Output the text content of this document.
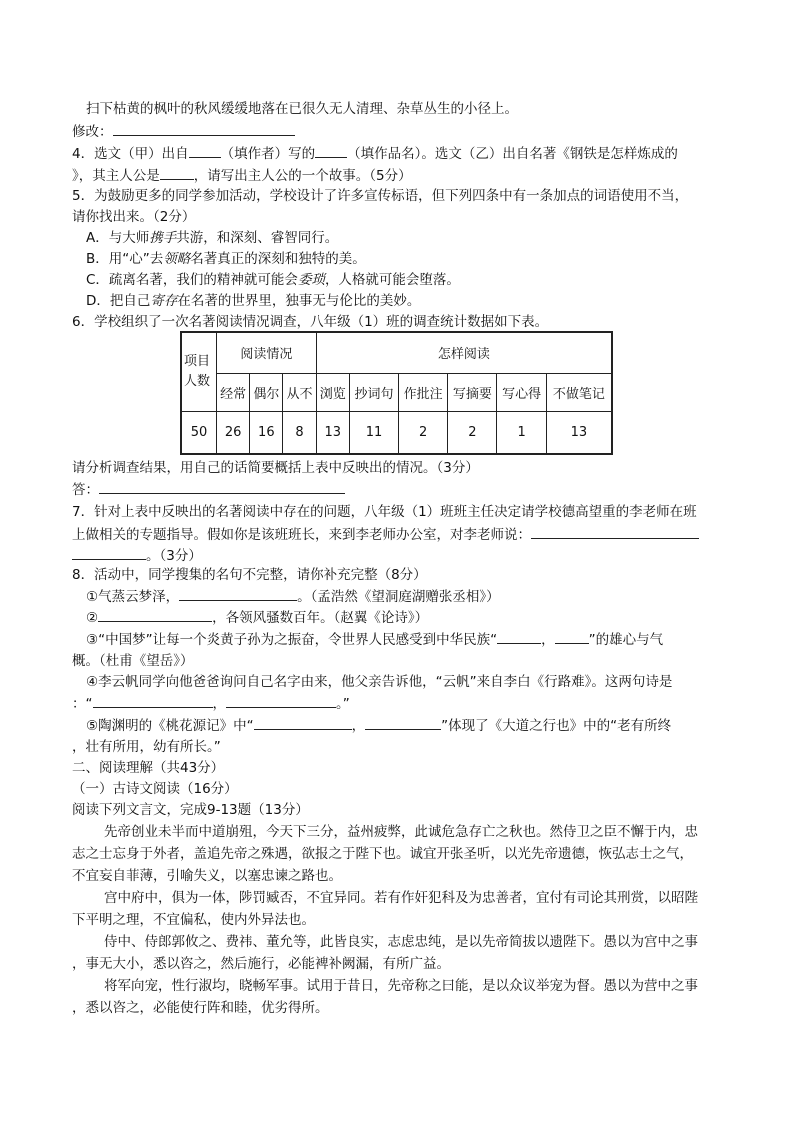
扫下枯黄的枫叶的秋风缓缓地落在已很久无人清理、杂草丛生的小径上。
修改：
4．选文（甲）出自 （填作者）写的 （填作品名）。选文（乙）出自名著《钢铁是怎样炼成的
》，其主人公是	，请写出主人公的一个故事。（5分）
5．为鼓励更多的同学参加活动，学校设计了许多宣传标语，但下列四条中有一条加点的词语使用不当，
请你找出来。（2分）
A．与大师携手共游，和深刻、睿智同行。
B．用“心”去领略名著真正的深刻和独特的美。
C．疏离名著，我们的精神就可能会委琐，人格就可能会堕落。
D．把自己寄存在名著的世界里，独事无与伦比的美妙。
6．学校组织了一次名著阅读情况调查，八年级（1）班的调查统计数据如下表。
项目
人数	阅读情况			怎样阅读					
	经常	偶尔	从不	浏览	抄词句	作批注	写摘要	写心得	不做笔记
50	26	16	8	13	11	2	2	1	13
请分析调查结果，用自己的话简要概括上表中反映出的情况。（3分）
答：
7．针对上表中反映出的名著阅读中存在的问题，八年级（1）班班主任决定请学校德高望重的李老师在班
上做相关的专题指导。假如你是该班班长，来到李老师办公室，对李老师说：
。（3分）
8．活动中，同学搜集的名句不完整，请你补充完整（8分）
①气蒸云梦泽，	。（孟浩然《望洞庭湖赠张丞相》）
②	，各领风骚数百年。（赵翼《论诗》）
③“中国梦”让每一个炎黄子孙为之振奋，令世界人民感受到中华民族“	，	”的雄心与气
概。（杜甫《望岳》）
④李云帆同学向他爸爸询问自己名字由来，他父亲告诉他，“云帆”来自李白《行路难》。这两句诗是
：“	，	。”
⑤陶渊明的《桃花源记》中“	，	”体现了《大道之行也》中的“老有所终
，壮有所用，幼有所长。”
二、阅读理解（共43分）
（一）古诗文阅读（16分）
阅读下列文言文，完成9-13题（13分）
先帝创业未半而中道崩殂，今天下三分，益州疲弊，此诚危急存亡之秋也。然侍卫之臣不懈于内，忠
志之士忘身于外者，盖追先帝之殊遇，欲报之于陛下也。诚宜开张圣听，以光先帝遗德，恢弘志士之气，
不宜妄自菲薄，引喻失义，以塞忠谏之路也。
宫中府中，俱为一体，陟罚臧否，不宜异同。若有作奸犯科及为忠善者，宜付有司论其刑赏，以昭陛
下平明之理，不宜偏私，使内外异法也。
侍中、侍郎郭攸之、费祎、董允等，此皆良实，志虑忠纯，是以先帝简拔以遗陛下。愚以为宫中之事
，事无大小，悉以咨之，然后施行，必能裨补阙漏，有所广益。
将军向宠，性行淑均，晓畅军事。试用于昔日，先帝称之曰能，是以众议举宠为督。愚以为营中之事
，悉以咨之，必能使行阵和睦，优劣得所。
